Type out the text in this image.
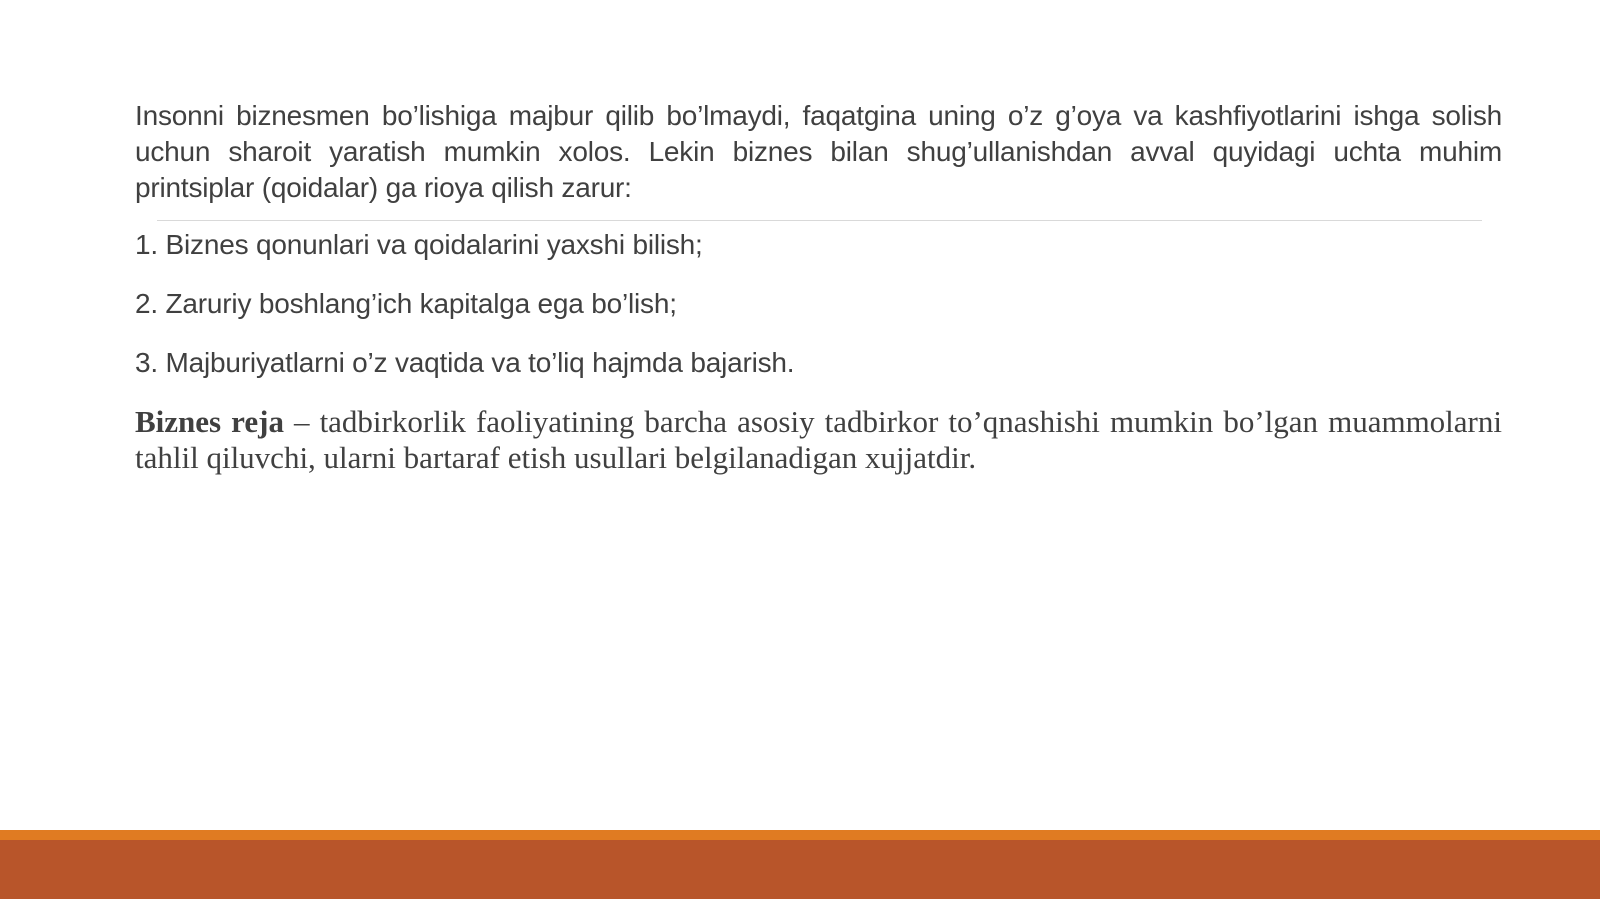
Insonni biznesmen bo’lishiga majbur qilib bo’lmaydi, faqatgina uning o’z g’oya va kashfiyotlarini ishga solish uchun sharoit yaratish mumkin xolos. Lekin biznes bilan shug’ullanishdan avval quyidagi uchta muhim printsiplar (qoidalar) ga rioya qilish zarur:

1. Biznes qonunlari va qoidalarini yaxshi bilish;

2. Zaruriy boshlang’ich kapitalga ega bo’lish;

3. Majburiyatlarni o’z vaqtida va to’liq hajmda bajarish.

Biznes reja – tadbirkorlik faoliyatining barcha asosiy tadbirkor to’qnashishi mumkin bo’lgan muammolarni tahlil qiluvchi, ularni bartaraf etish usullari belgilanadigan xujjatdir.
